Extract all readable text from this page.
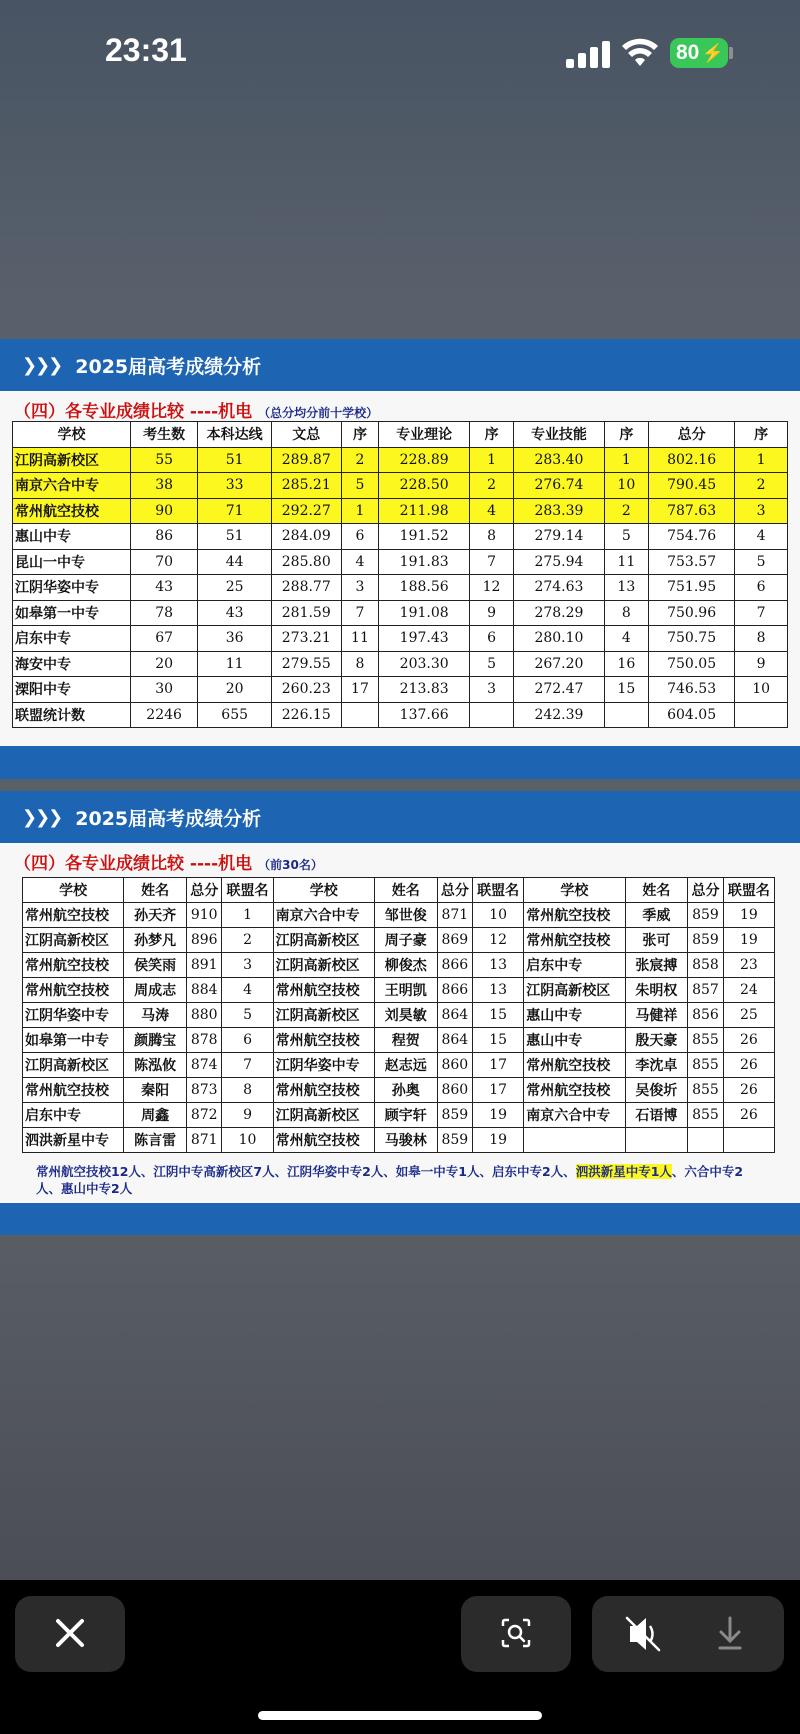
23:31	80 ⚡
❯❯❯ 2025届高考成绩分析
（四）各专业成绩比较 ----机电 （总分均分前十学校）
学校	考生数	本科达线	文总	序	专业理论	序	专业技能	序	总分	序
江阴高新校区	55	51	289.87	2	228.89	1	283.40	1	802.16	1
南京六合中专	38	33	285.21	5	228.50	2	276.74	10	790.45	2
常州航空技校	90	71	292.27	1	211.98	4	283.39	2	787.63	3
惠山中专	86	51	284.09	6	191.52	8	279.14	5	754.76	4
昆山一中专	70	44	285.80	4	191.83	7	275.94	11	753.57	5
江阴华姿中专	43	25	288.77	3	188.56	12	274.63	13	751.95	6
如皋第一中专	78	43	281.59	7	191.08	9	278.29	8	750.96	7
启东中专	67	36	273.21	11	197.43	6	280.10	4	750.75	8
海安中专	20	11	279.55	8	203.30	5	267.20	16	750.05	9
溧阳中专	30	20	260.23	17	213.83	3	272.47	15	746.53	10
联盟统计数	2246	655	226.15		137.66		242.39		604.05	
❯❯❯ 2025届高考成绩分析
（四）各专业成绩比较 ----机电 （前30名）
学校	姓名	总分	联盟名	学校	姓名	总分	联盟名	学校	姓名	总分	联盟名
常州航空技校	孙天齐	910	1	南京六合中专	邹世俊	871	10	常州航空技校	季威	859	19
江阴高新校区	孙梦凡	896	2	江阴高新校区	周子豪	869	12	常州航空技校	张可	859	19
常州航空技校	侯笑雨	891	3	江阴高新校区	柳俊杰	866	13	启东中专	张宸搏	858	23
常州航空技校	周成志	884	4	常州航空技校	王明凯	866	13	江阴高新校区	朱明权	857	24
江阴华姿中专	马涛	880	5	江阴高新校区	刘昊敏	864	15	惠山中专	马健祥	856	25
如皋第一中专	颜腾宝	878	6	常州航空技校	程贺	864	15	惠山中专	殷天豪	855	26
江阴高新校区	陈泓攸	874	7	江阴华姿中专	赵志远	860	17	常州航空技校	李沈卓	855	26
常州航空技校	秦阳	873	8	常州航空技校	孙奥	860	17	常州航空技校	吴俊圻	855	26
启东中专	周鑫	872	9	江阴高新校区	顾宇轩	859	19	南京六合中专	石语博	855	26
泗洪新星中专	陈言雷	871	10	常州航空技校	马骏林	859	19				
常州航空技校12人、江阴中专高新校区7人、江阴华姿中专2人、如皋一中专1人、启东中专2人、泗洪新星中专1人、六合中专2人、惠山中专2人
